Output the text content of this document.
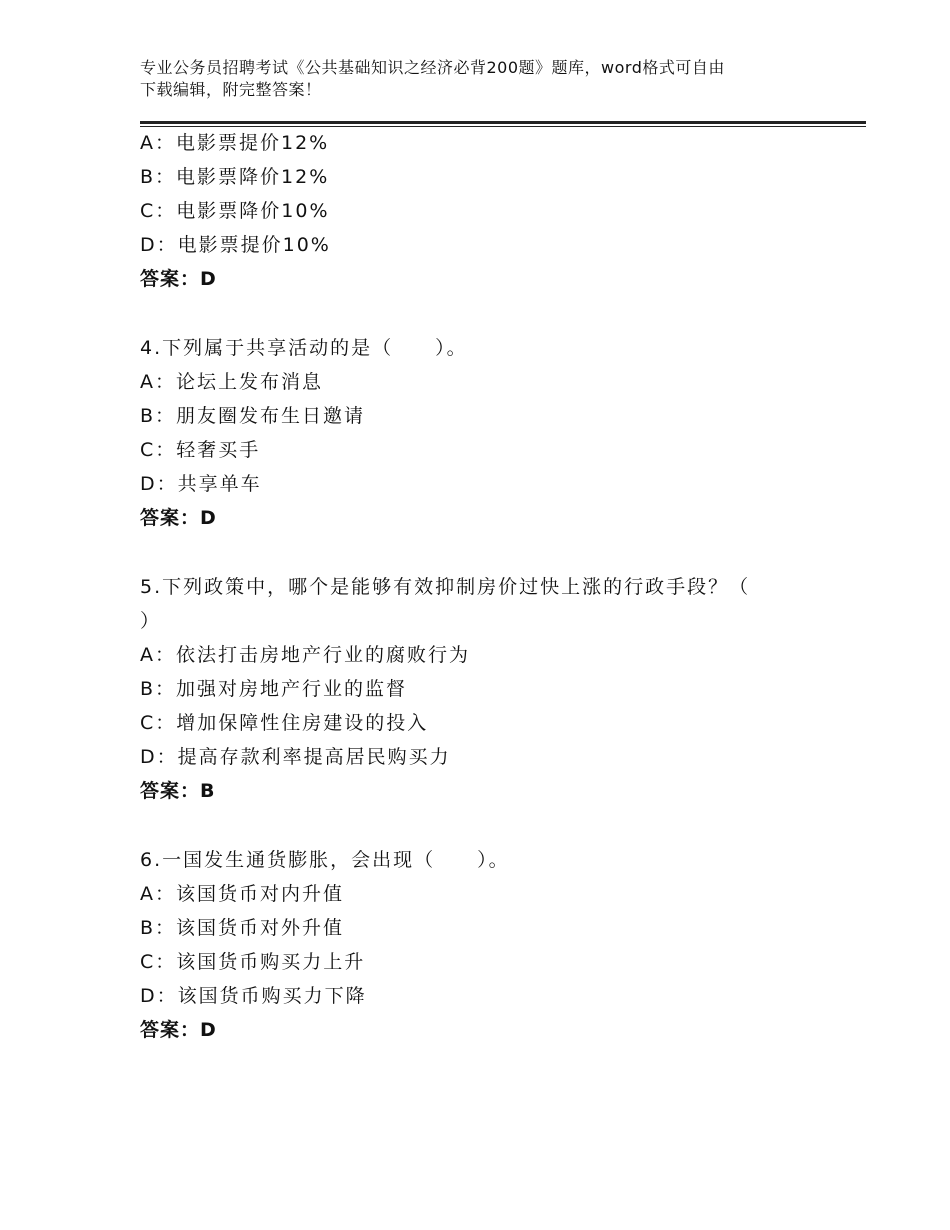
专业公务员招聘考试《公共基础知识之经济必背200题》题库，word格式可自由
下载编辑，附完整答案！
A：电影票提价12%
B：电影票降价12%
C：电影票降价10%
D：电影票提价10%
答案：D
4.下列属于共享活动的是（　　）。
A：论坛上发布消息
B：朋友圈发布生日邀请
C：轻奢买手
D：共享单车
答案：D
5.下列政策中，哪个是能够有效抑制房价过快上涨的行政手段？（
）
A：依法打击房地产行业的腐败行为
B：加强对房地产行业的监督
C：增加保障性住房建设的投入
D：提高存款利率提高居民购买力
答案：B
6.一国发生通货膨胀，会出现（　　）。
A：该国货币对内升值
B：该国货币对外升值
C：该国货币购买力上升
D：该国货币购买力下降
答案：D
